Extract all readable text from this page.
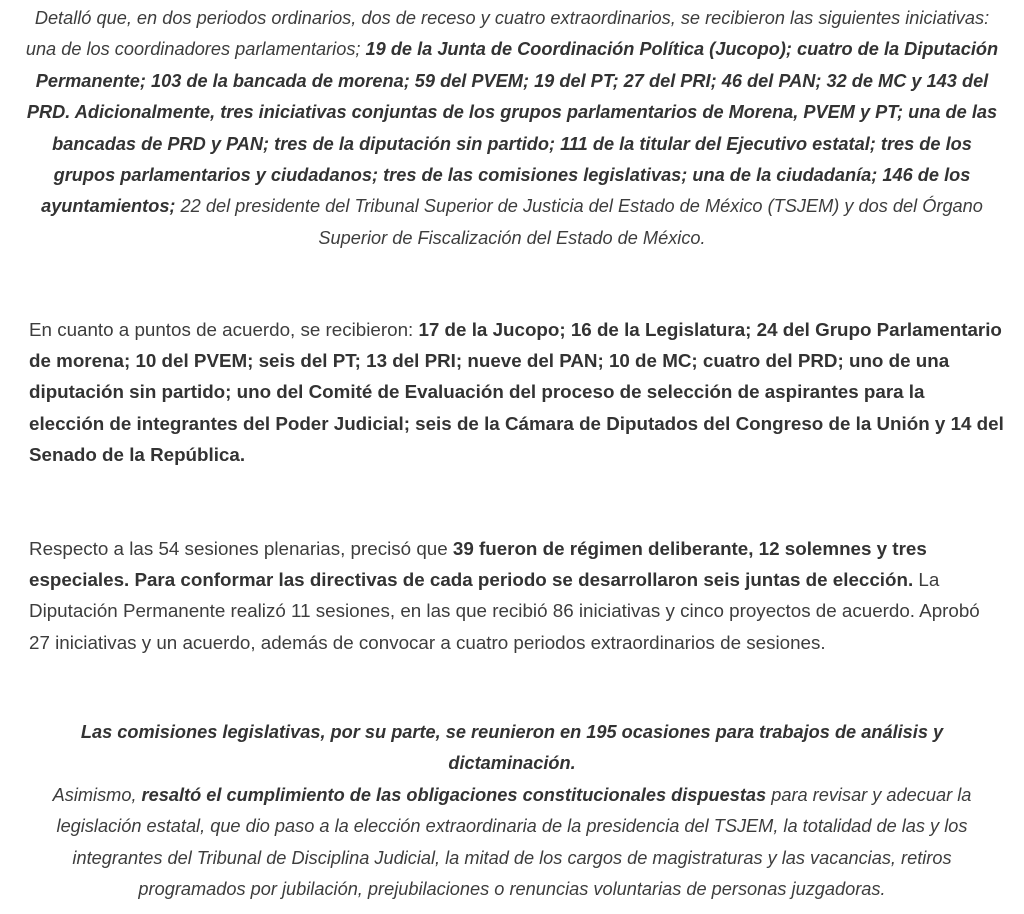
Detalló que, en dos periodos ordinarios, dos de receso y cuatro extraordinarios, se recibieron las siguientes iniciativas: una de los coordinadores parlamentarios; 19 de la Junta de Coordinación Política (Jucopo); cuatro de la Diputación Permanente; 103 de la bancada de morena; 59 del PVEM; 19 del PT; 27 del PRI; 46 del PAN; 32 de MC y 143 del PRD. Adicionalmente, tres iniciativas conjuntas de los grupos parlamentarios de Morena, PVEM y PT; una de las bancadas de PRD y PAN; tres de la diputación sin partido; 111 de la titular del Ejecutivo estatal; tres de los grupos parlamentarios y ciudadanos; tres de las comisiones legislativas; una de la ciudadanía; 146 de los ayuntamientos; 22 del presidente del Tribunal Superior de Justicia del Estado de México (TSJEM) y dos del Órgano Superior de Fiscalización del Estado de México.

En cuanto a puntos de acuerdo, se recibieron: 17 de la Jucopo; 16 de la Legislatura; 24 del Grupo Parlamentario de morena; 10 del PVEM; seis del PT; 13 del PRI; nueve del PAN; 10 de MC; cuatro del PRD; uno de una diputación sin partido; uno del Comité de Evaluación del proceso de selección de aspirantes para la elección de integrantes del Poder Judicial; seis de la Cámara de Diputados del Congreso de la Unión y 14 del Senado de la República.

Respecto a las 54 sesiones plenarias, precisó que 39 fueron de régimen deliberante, 12 solemnes y tres especiales. Para conformar las directivas de cada periodo se desarrollaron seis juntas de elección. La Diputación Permanente realizó 11 sesiones, en las que recibió 86 iniciativas y cinco proyectos de acuerdo. Aprobó 27 iniciativas y un acuerdo, además de convocar a cuatro periodos extraordinarios de sesiones.

Las comisiones legislativas, por su parte, se reunieron en 195 ocasiones para trabajos de análisis y dictaminación.
Asimismo, resaltó el cumplimiento de las obligaciones constitucionales dispuestas para revisar y adecuar la legislación estatal, que dio paso a la elección extraordinaria de la presidencia del TSJEM, la totalidad de las y los integrantes del Tribunal de Disciplina Judicial, la mitad de los cargos de magistraturas y las vacancias, retiros programados por jubilación, prejubilaciones o renuncias voluntarias de personas juzgadoras.
